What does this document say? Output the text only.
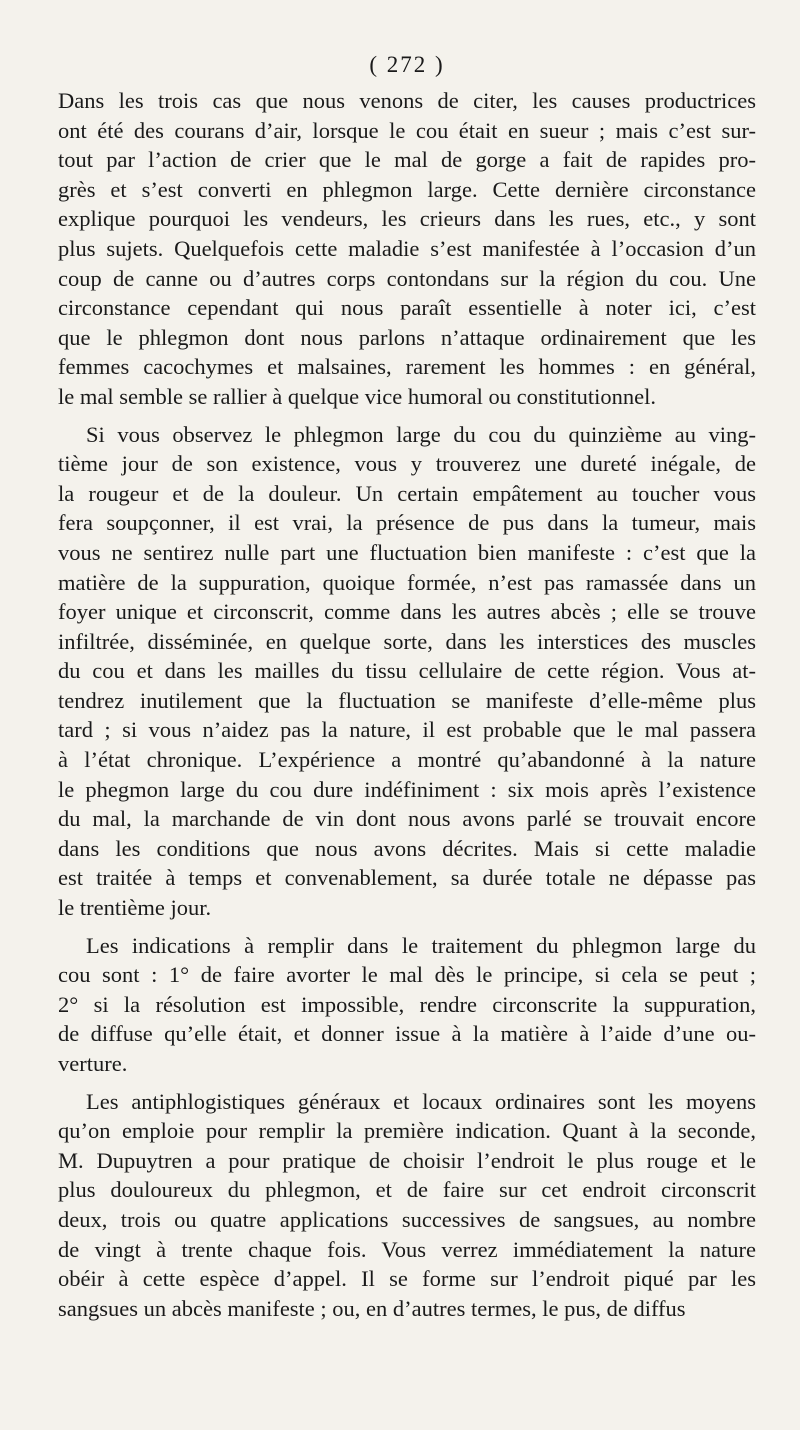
( 272 )

Dans les trois cas que nous venons de citer, les causes productrices
ont été des courans d’air, lorsque le cou était en sueur ; mais c’est sur-
tout par l’action de crier que le mal de gorge a fait de rapides pro-
grès et s’est converti en phlegmon large. Cette dernière circonstance
explique pourquoi les vendeurs, les crieurs dans les rues, etc., y sont
plus sujets. Quelquefois cette maladie s’est manifestée à l’occasion d’un
coup de canne ou d’autres corps contondans sur la région du cou. Une
circonstance cependant qui nous paraît essentielle à noter ici, c’est
que le phlegmon dont nous parlons n’attaque ordinairement que les
femmes cacochymes et malsaines, rarement les hommes : en général,
le mal semble se rallier à quelque vice humoral ou constitutionnel.

Si vous observez le phlegmon large du cou du quinzième au ving-
tième jour de son existence, vous y trouverez une dureté inégale, de
la rougeur et de la douleur. Un certain empâtement au toucher vous
fera soupçonner, il est vrai, la présence de pus dans la tumeur, mais
vous ne sentirez nulle part une fluctuation bien manifeste : c’est que la
matière de la suppuration, quoique formée, n’est pas ramassée dans un
foyer unique et circonscrit, comme dans les autres abcès ; elle se trouve
infiltrée, disséminée, en quelque sorte, dans les interstices des muscles
du cou et dans les mailles du tissu cellulaire de cette région. Vous at-
tendrez inutilement que la fluctuation se manifeste d’elle-même plus
tard ; si vous n’aidez pas la nature, il est probable que le mal passera
à l’état chronique. L’expérience a montré qu’abandonné à la nature
le phegmon large du cou dure indéfiniment : six mois après l’existence
du mal, la marchande de vin dont nous avons parlé se trouvait encore
dans les conditions que nous avons décrites. Mais si cette maladie
est traitée à temps et convenablement, sa durée totale ne dépasse pas
le trentième jour.

Les indications à remplir dans le traitement du phlegmon large du
cou sont : 1° de faire avorter le mal dès le principe, si cela se peut ;
2° si la résolution est impossible, rendre circonscrite la suppuration,
de diffuse qu’elle était, et donner issue à la matière à l’aide d’une ou-
verture.

Les antiphlogistiques généraux et locaux ordinaires sont les moyens
qu’on emploie pour remplir la première indication. Quant à la seconde,
M. Dupuytren a pour pratique de choisir l’endroit le plus rouge et le
plus douloureux du phlegmon, et de faire sur cet endroit circonscrit
deux, trois ou quatre applications successives de sangsues, au nombre
de vingt à trente chaque fois. Vous verrez immédiatement la nature
obéir à cette espèce d’appel. Il se forme sur l’endroit piqué par les
sangsues un abcès manifeste ; ou, en d’autres termes, le pus, de diffus
